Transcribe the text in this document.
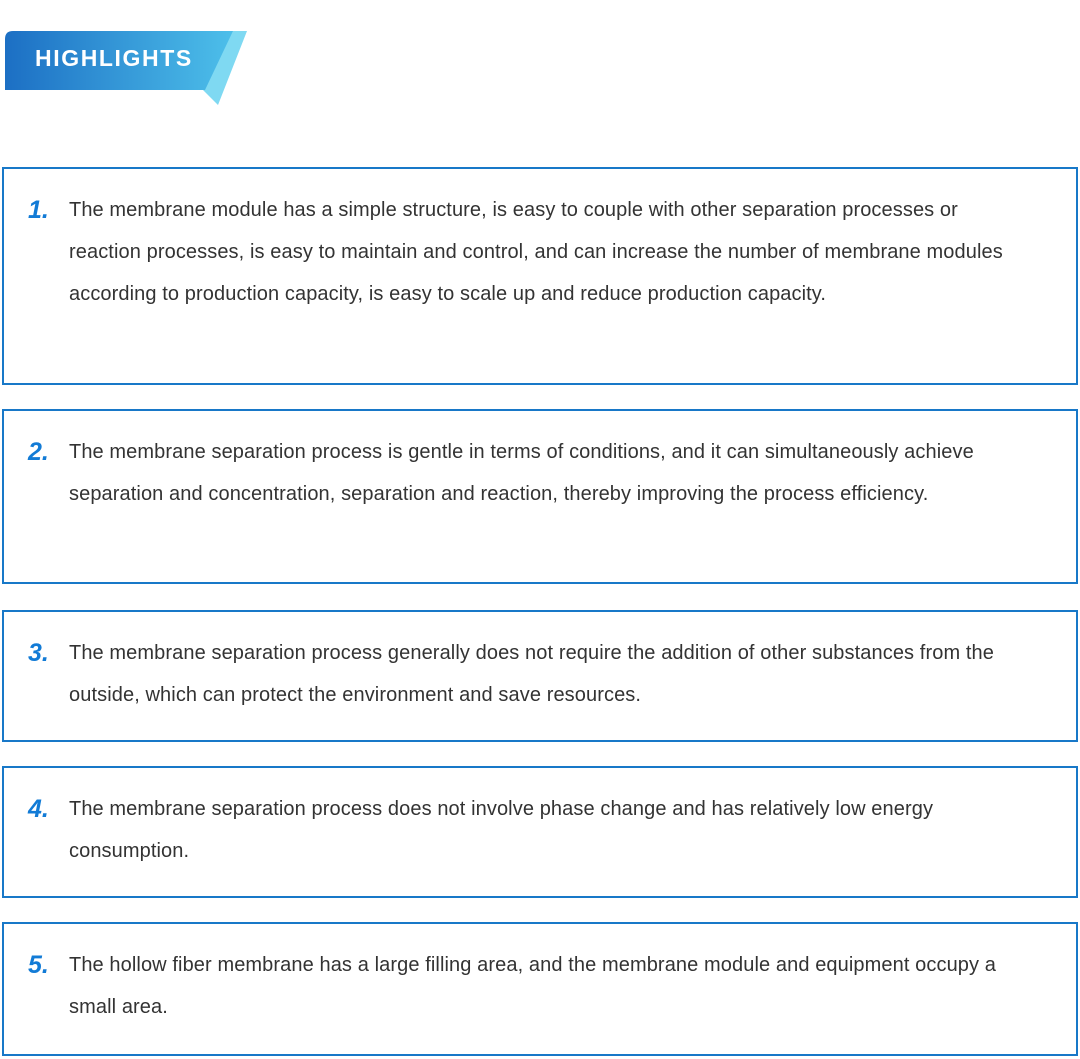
HIGHLIGHTS
1.	The membrane module has a simple structure, is easy to couple with other separation processes or reaction processes, is easy to maintain and control, and can increase the number of membrane modules according to production capacity, is easy to scale up and reduce production capacity.
2.	The membrane separation process is gentle in terms of conditions, and it can simultaneously achieve separation and concentration, separation and reaction, thereby improving the process efficiency.
3.	The membrane separation process generally does not require the addition of other substances from the outside, which can protect the environment and save resources.
4.	The membrane separation process does not involve phase change and has relatively low energy consumption.
5.	The hollow fiber membrane has a large filling area, and the membrane module and equipment occupy a small area.
